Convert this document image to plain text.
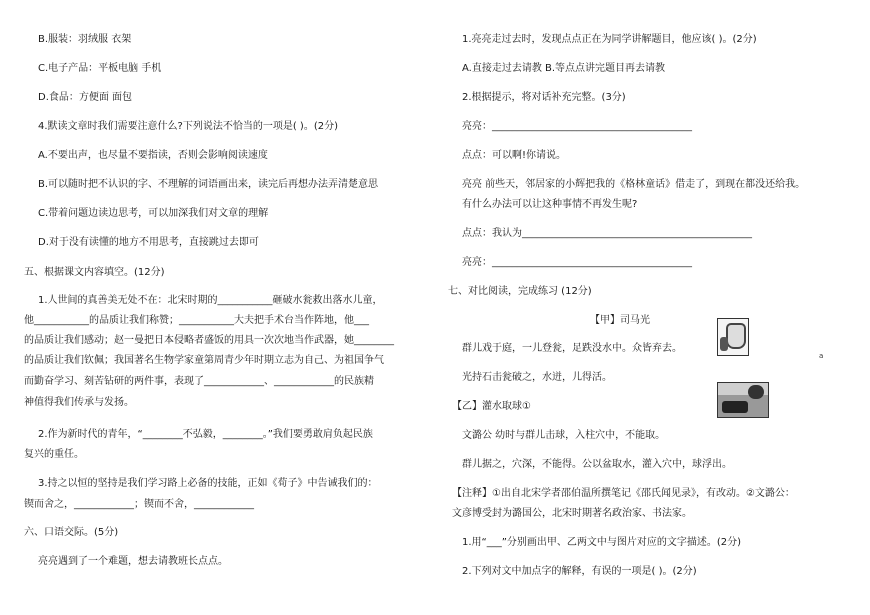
B.服装：羽绒服 衣架
C.电子产品：平板电脑 手机
D.食品：方便面 面包
4.默读文章时我们需要注意什么?下列说法不恰当的一项是( )。(2分)
A.不要出声，也尽量不要指读，否则会影响阅读速度
B.可以随时把不认识的字、不理解的词语画出来，读完后再想办法弄清楚意思
C.带着问题边读边思考，可以加深我们对文章的理解
D.对于没有读懂的地方不用思考，直接跳过去即可
五、根据课文内容填空。(12分)
1.人世间的真善美无处不在：北宋时期的___________砸破水瓮救出落水儿童，
他___________的品质让我们称赞；___________大夫把手术台当作阵地，他___
的品质让我们感动；赵一曼把日本侵略者盛饭的用具一次次地当作武器，她________
的品质让我们钦佩；我国著名生物学家童第周青少年时期立志为自己、为祖国争气
而勤奋学习、刻苦钻研的两件事，表现了____________、____________的民族精
神值得我们传承与发扬。
2.作为新时代的青年，“________不弘毅，________。”我们要勇敢肩负起民族
复兴的重任。
3.持之以恒的坚持是我们学习路上必备的技能，正如《荀子》中告诫我们的：
锲而舍之，____________；锲而不舍，____________
六、口语交际。(5分)
亮亮遇到了一个难题，想去请教班长点点。
1.亮亮走过去时，发现点点正在为同学讲解题目，他应该( )。(2分)
A.直接走过去请教 B.等点点讲完题目再去请教
2.根据提示，将对话补充完整。(3分)
亮亮：________________________________________
点点：可以啊!你请说。
亮亮 前些天，邻居家的小辉把我的《格林童话》借走了，到现在都没还给我。
有什么办法可以让这种事情不再发生呢?
点点：我认为______________________________________________
亮亮：________________________________________
七、对比阅读，完成练习 (12分)
【甲】司马光
群儿戏于庭，一儿登瓮，足跌没水中。众皆弃去。
光持石击瓮破之，水迸，儿得活。
【乙】灌水取球①
文潞公 幼时与群儿击球，入柱穴中，不能取。
群儿据之，穴深，不能得。公以盆取水，灌入穴中，球浮出。
【注释】①出自北宋学者邵伯温所撰笔记《邵氏闻见录》，有改动。②文潞公：
文彦博受封为潞国公，北宋时期著名政治家、书法家。
1.用“___”分别画出甲、乙两文中与图片对应的文字描述。(2分)
2.下列对文中加点字的解释，有误的一项是( )。(2分)
a
